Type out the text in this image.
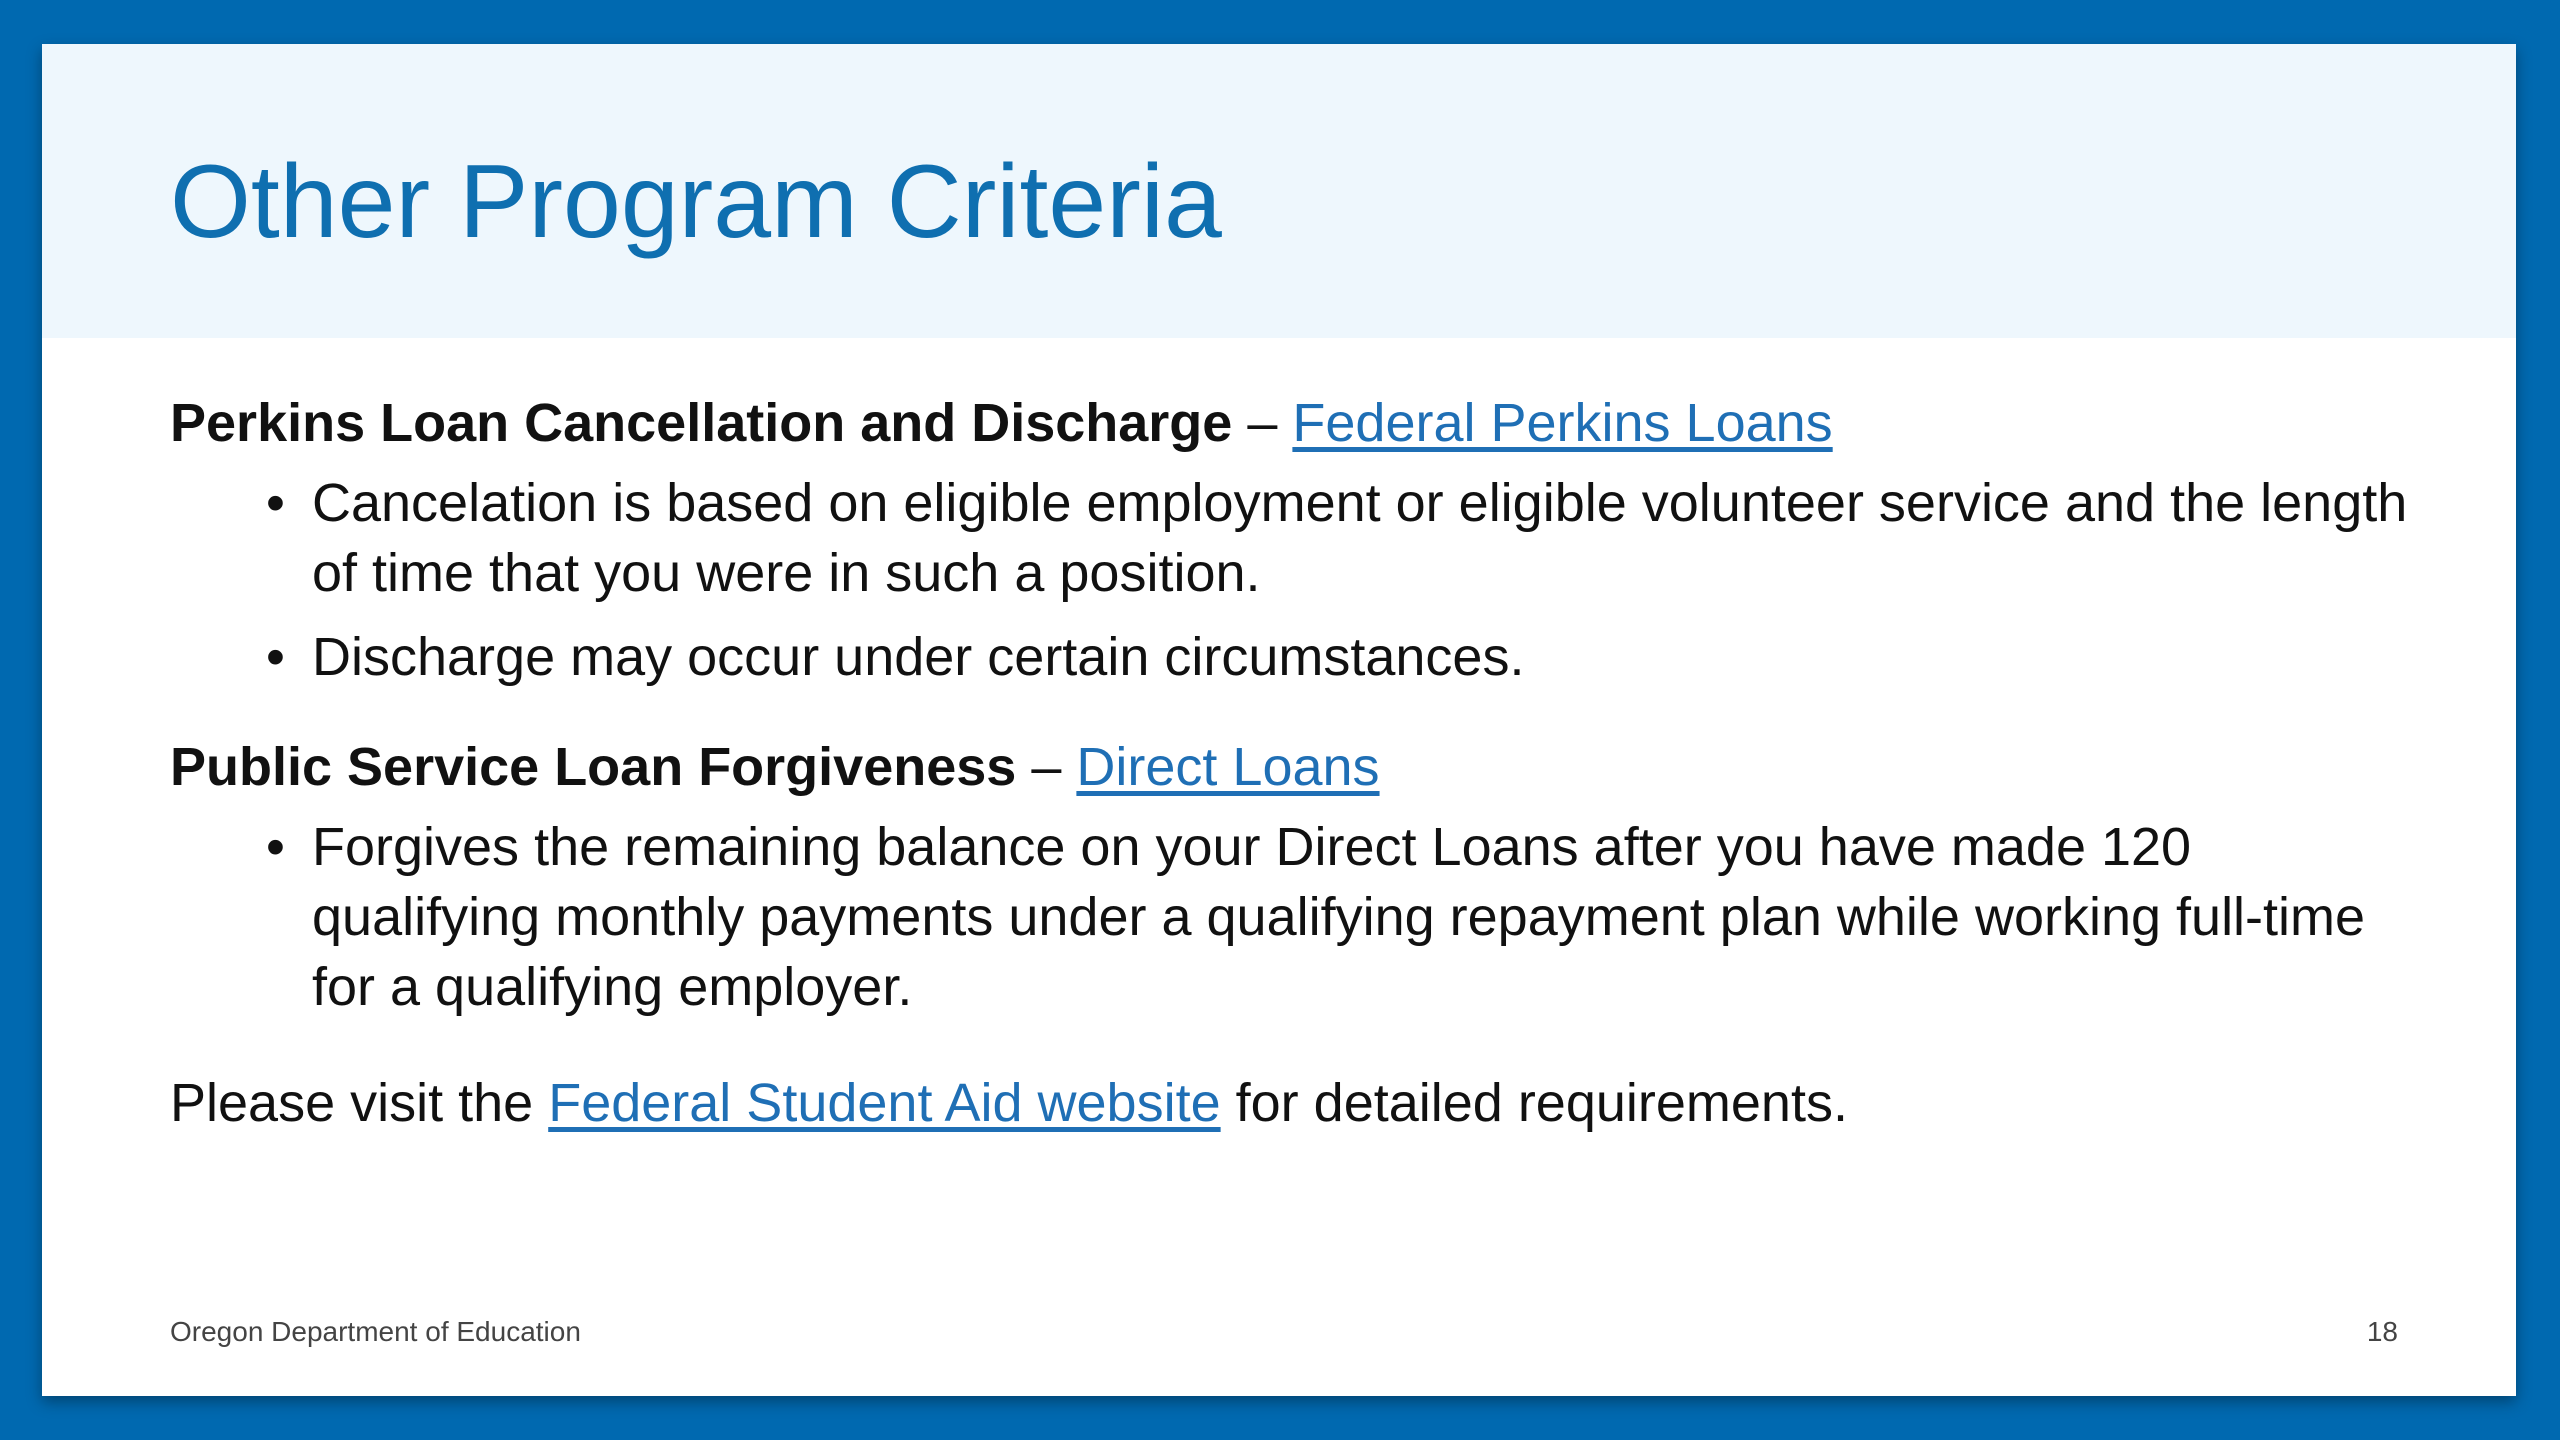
Other Program Criteria

Perkins Loan Cancellation and Discharge – Federal Perkins Loans

• Cancelation is based on eligible employment or eligible volunteer service and the length of time that you were in such a position.
• Discharge may occur under certain circumstances.

Public Service Loan Forgiveness – Direct Loans

• Forgives the remaining balance on your Direct Loans after you have made 120 qualifying monthly payments under a qualifying repayment plan while working full-time for a qualifying employer.

Please visit the Federal Student Aid website for detailed requirements.

Oregon Department of Education	18
